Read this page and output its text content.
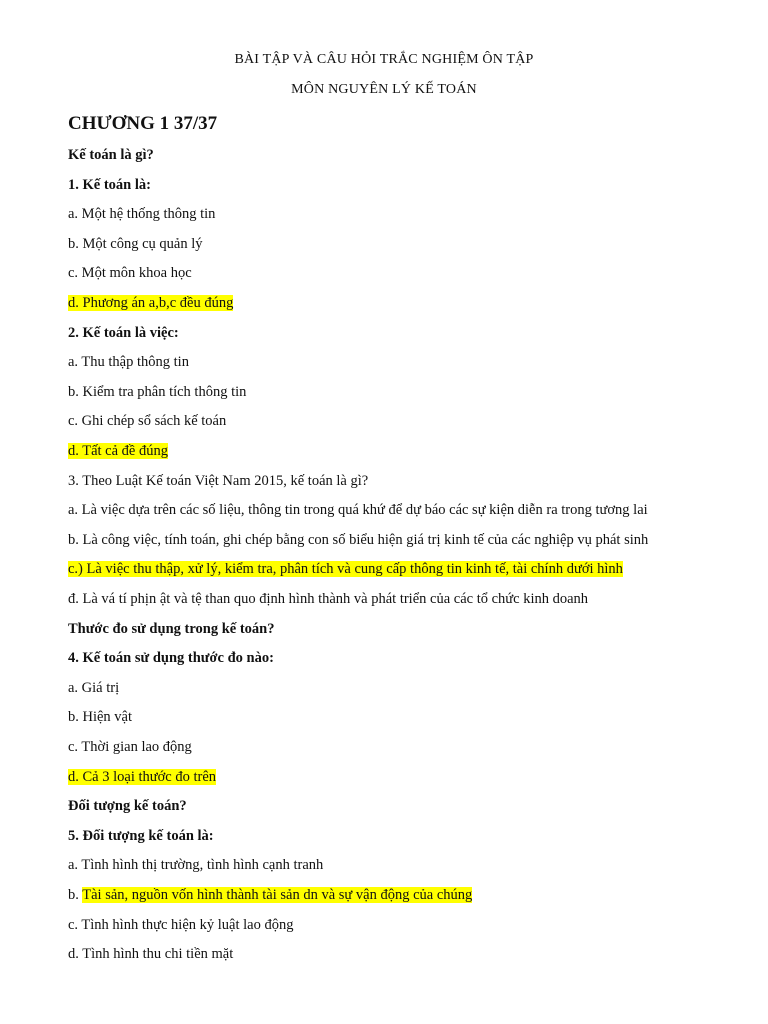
BÀI TẬP VÀ CÂU HỎI TRẮC NGHIỆM ÔN TẬP
MÔN NGUYÊN LÝ KẾ TOÁN
CHƯƠNG 1 37/37
Kế toán là gì?
1. Kế toán là:
a. Một hệ thống thông tin
b. Một công cụ quản lý
c. Một môn khoa học
d. Phương án a,b,c đều đúng
2. Kế toán là việc:
a. Thu thập thông tin
b. Kiểm tra phân tích thông tin
c. Ghi chép sổ sách kế toán
d. Tất cả đề đúng
3. Theo Luật Kế toán Việt Nam 2015, kế toán là gì?
a. Là việc dựa trên các số liệu, thông tin trong quá khứ để dự báo các sự kiện diễn ra trong tương lai
b. Là công việc, tính toán, ghi chép bằng con số biểu hiện giá trị kinh tế của các nghiệp vụ phát sinh
c.) Là việc thu thập, xử lý, kiểm tra, phân tích và cung cấp thông tin kinh tế, tài chính dưới hình
đ. Là vá tí phịn ật và tệ than quo định hình thành và phát triển của các tổ chức kinh doanh
Thước đo sử dụng trong kế toán?
4. Kế toán sử dụng thước đo nào:
a. Giá trị
b. Hiện vật
c. Thời gian lao động
d. Cả 3 loại thước đo trên
Đối tượng kế toán?
5. Đối tượng kế toán là:
a. Tình hình thị trường, tình hình cạnh tranh
b. Tài sản, nguồn vốn hình thành tài sản dn và sự vận động của chúng
c. Tình hình thực hiện kỷ luật lao động
d. Tình hình thu chi tiền mặt
